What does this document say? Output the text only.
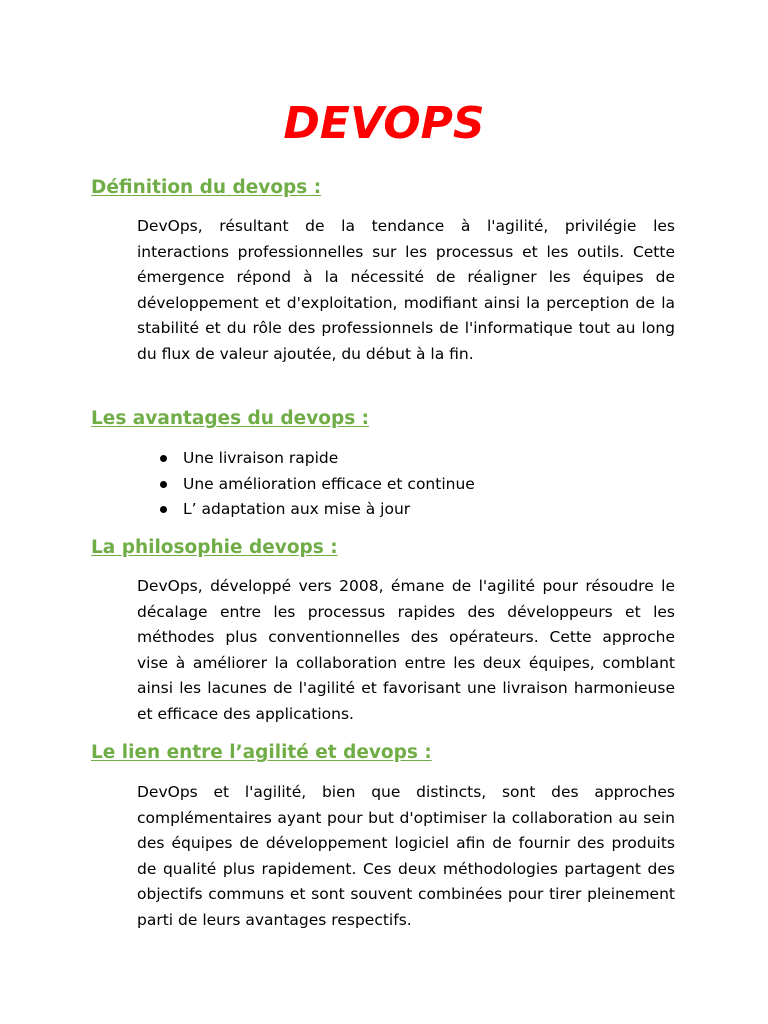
DEVOPS
Définition du devops :

DevOps, résultant de la tendance à l'agilité, privilégie les interactions professionnelles sur les processus et les outils. Cette émergence répond à la nécessité de réaligner les équipes de développement et d'exploitation, modifiant ainsi la perception de la stabilité et du rôle des professionnels de l'informatique tout au long du flux de valeur ajoutée, du début à la fin.

Les avantages du devops :
Une livraison rapide
Une amélioration efficace et continue
L’ adaptation aux mise à jour
La philosophie devops :

DevOps, développé vers 2008, émane de l'agilité pour résoudre le décalage entre les processus rapides des développeurs et les méthodes plus conventionnelles des opérateurs. Cette approche vise à améliorer la collaboration entre les deux équipes, comblant ainsi les lacunes de l'agilité et favorisant une livraison harmonieuse et efficace des applications.

Le lien entre l’agilité et devops :

DevOps et l'agilité, bien que distincts, sont des approches complémentaires ayant pour but d'optimiser la collaboration au sein des équipes de développement logiciel afin de fournir des produits de qualité plus rapidement. Ces deux méthodologies partagent des objectifs communs et sont souvent combinées pour tirer pleinement parti de leurs avantages respectifs.
